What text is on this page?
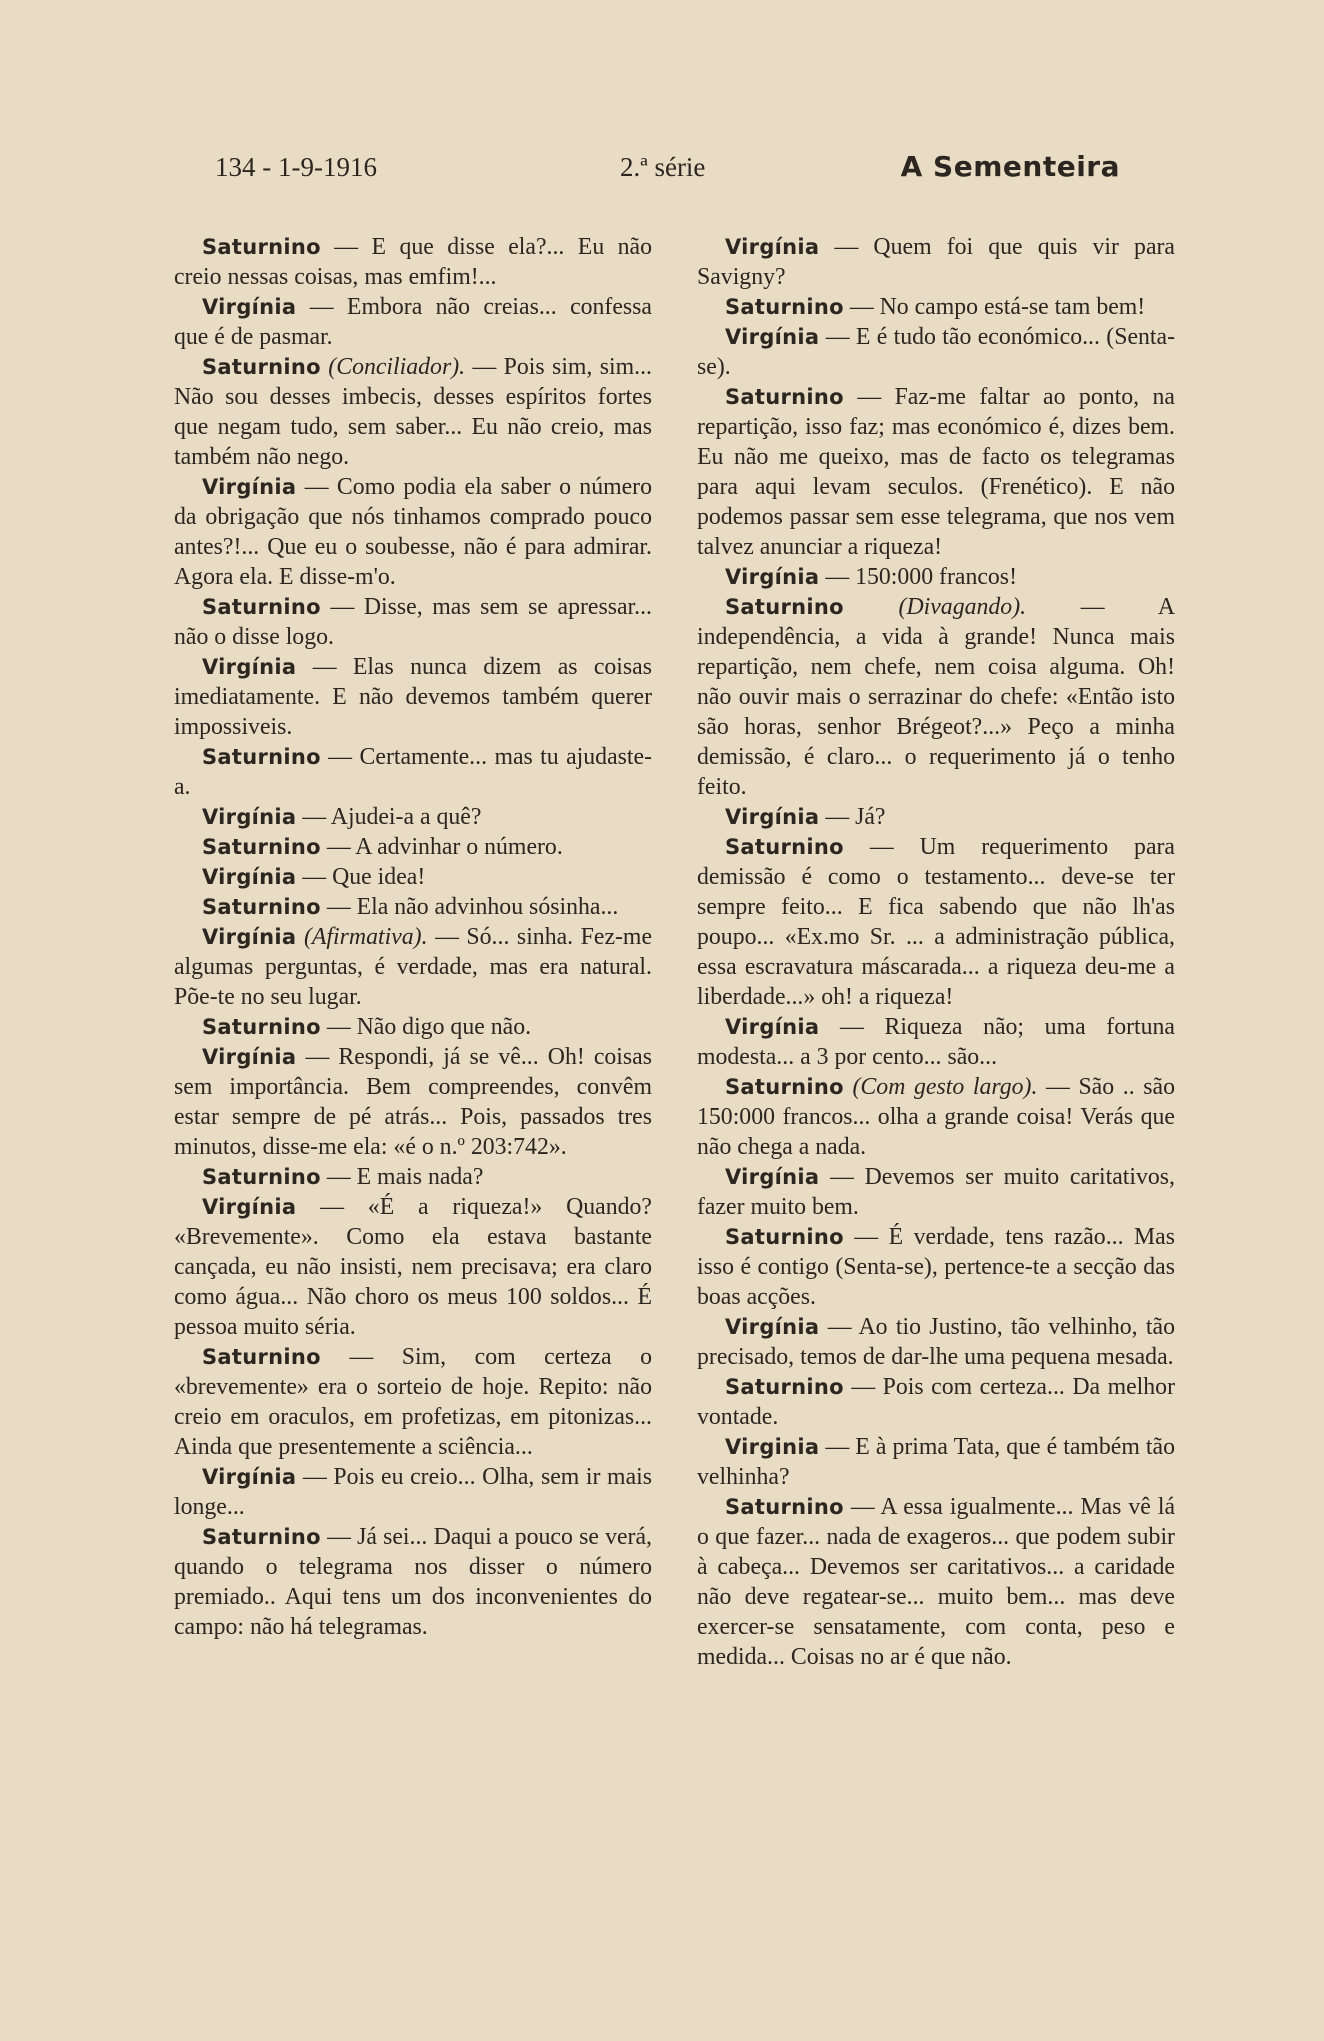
134 - 1-9-1916	2.ª série	A Sementeira

Saturnino — E que disse ela?... Eu não creio nessas coisas, mas emfim!...

Virgínia — Embora não creias... confessa que é de pasmar.

Saturnino (Conciliador). — Pois sim, sim... Não sou desses imbecis, desses espíritos fortes que negam tudo, sem saber... Eu não creio, mas também não nego.

Virgínia — Como podia ela saber o número da obrigação que nós tinhamos comprado pouco antes?!... Que eu o soubesse, não é para admirar. Agora ela. E disse-m'o.

Saturnino — Disse, mas sem se apressar... não o disse logo.

Virgínia — Elas nunca dizem as coisas imediatamente. E não devemos também querer impossiveis.

Saturnino — Certamente... mas tu ajudaste-a.

Virgínia — Ajudei-a a quê?

Saturnino — A advinhar o número.

Virgínia — Que idea!

Saturnino — Ela não advinhou sósinha...

Virgínia (Afirmativa). — Só... sinha. Fez-me algumas perguntas, é verdade, mas era natural. Põe-te no seu lugar.

Saturnino — Não digo que não.

Virgínia — Respondi, já se vê... Oh! coisas sem importância. Bem compreendes, convêm estar sempre de pé atrás... Pois, passados tres minutos, disse-me ela: «é o n.º 203:742».

Saturnino — E mais nada?

Virgínia — «É a riqueza!» Quando? «Brevemente». Como ela estava bastante cançada, eu não insisti, nem precisava; era claro como água... Não choro os meus 100 soldos... É pessoa muito séria.

Saturnino — Sim, com certeza o «brevemente» era o sorteio de hoje. Repito: não creio em oraculos, em profetizas, em pitonizas... Ainda que presentemente a sciência...

Virgínia — Pois eu creio... Olha, sem ir mais longe...

Saturnino — Já sei... Daqui a pouco se verá, quando o telegrama nos disser o número premiado.. Aqui tens um dos inconvenientes do campo: não há telegramas.

Virgínia — Quem foi que quis vir para Savigny?

Saturnino — No campo está-se tam bem!

Virgínia — E é tudo tão económico... (Senta-se).

Saturnino — Faz-me faltar ao ponto, na repartição, isso faz; mas económico é, dizes bem. Eu não me queixo, mas de facto os telegramas para aqui levam seculos. (Frenético). E não podemos passar sem esse telegrama, que nos vem talvez anunciar a riqueza!

Virgínia — 150:000 francos!

Saturnino (Divagando). — A independência, a vida à grande! Nunca mais repartição, nem chefe, nem coisa alguma. Oh! não ouvir mais o serrazinar do chefe: «Então isto são horas, senhor Brégeot?...» Peço a minha demissão, é claro... o requerimento já o tenho feito.

Virgínia — Já?

Saturnino — Um requerimento para demissão é como o testamento... deve-se ter sempre feito... E fica sabendo que não lh'as poupo... «Ex.mo Sr. ... a administração pública, essa escravatura máscarada... a riqueza deu-me a liberdade...» oh! a riqueza!

Virgínia — Riqueza não; uma fortuna modesta... a 3 por cento... são...

Saturnino (Com gesto largo). — São .. são 150:000 francos... olha a grande coisa! Verás que não chega a nada.

Virgínia — Devemos ser muito caritativos, fazer muito bem.

Saturnino — É verdade, tens razão... Mas isso é contigo (Senta-se), pertence-te a secção das boas acções.

Virgínia — Ao tio Justino, tão velhinho, tão precisado, temos de dar-lhe uma pequena mesada.

Saturnino — Pois com certeza... Da melhor vontade.

Virginia — E à prima Tata, que é também tão velhinha?

Saturnino — A essa igualmente... Mas vê lá o que fazer... nada de exageros... que podem subir à cabeça... Devemos ser caritativos... a caridade não deve regatear-se... muito bem... mas deve exercer-se sensatamente, com conta, peso e medida... Coisas no ar é que não.
